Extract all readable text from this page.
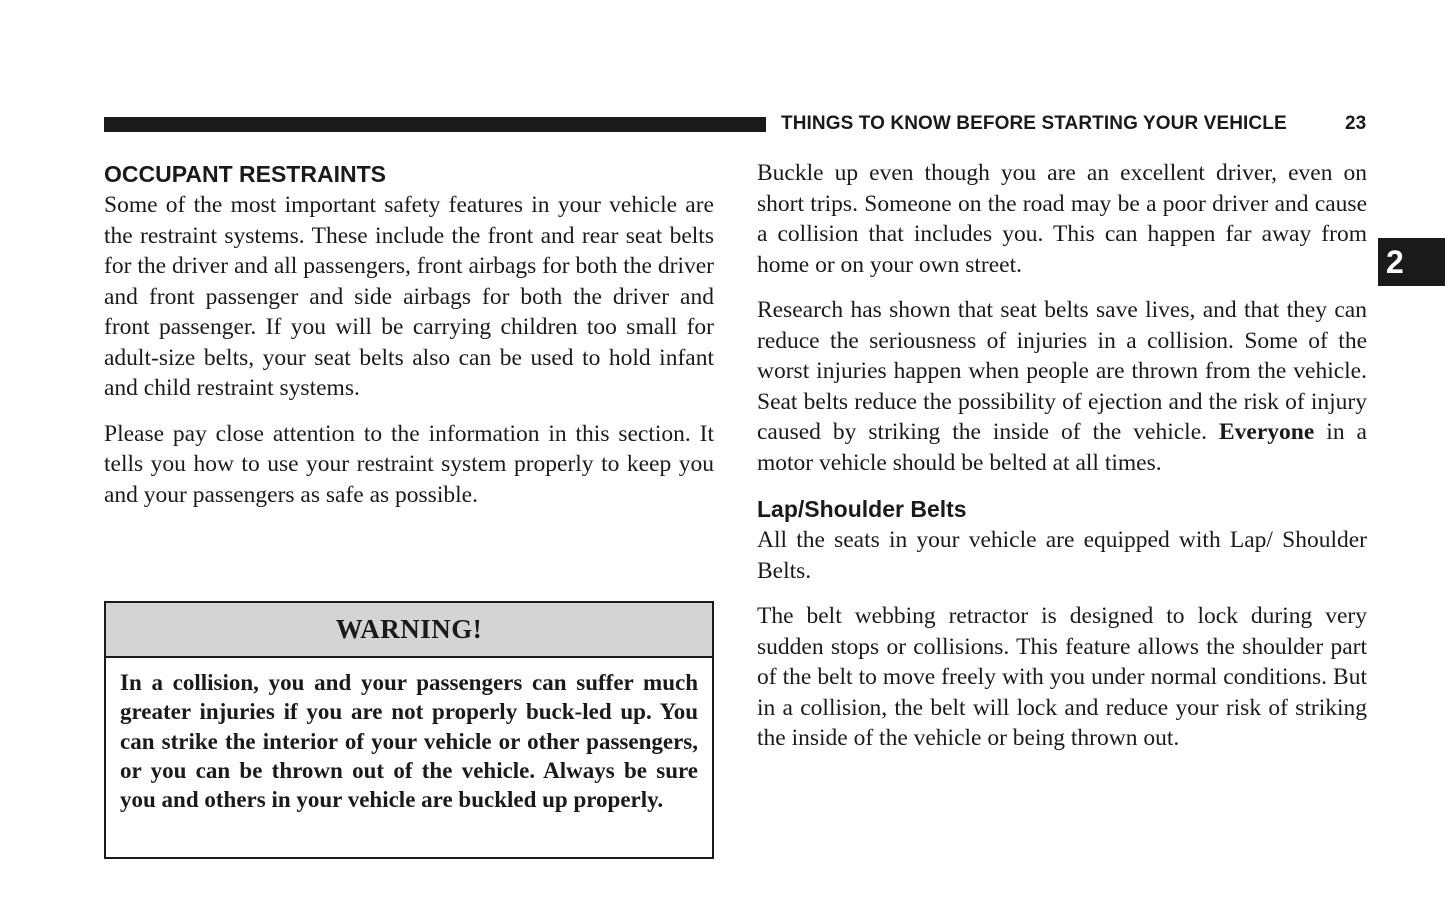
THINGS TO KNOW BEFORE STARTING YOUR VEHICLE	23
2
OCCUPANT RESTRAINTS

Some of the most important safety features in your vehicle are the restraint systems. These include the front and rear seat belts for the driver and all passengers, front airbags for both the driver and front passenger and side airbags for both the driver and front passenger. If you will be carrying children too small for adult-size belts, your seat belts also can be used to hold infant and child restraint systems.

Please pay close attention to the information in this section. It tells you how to use your restraint system properly to keep you and your passengers as safe as possible.

WARNING!
In a collision, you and your passengers can suffer much greater injuries if you are not properly buck-led up. You can strike the interior of your vehicle or other passengers, or you can be thrown out of the vehicle. Always be sure you and others in your vehicle are buckled up properly.

Buckle up even though you are an excellent driver, even on short trips. Someone on the road may be a poor driver and cause a collision that includes you. This can happen far away from home or on your own street.

Research has shown that seat belts save lives, and that they can reduce the seriousness of injuries in a collision. Some of the worst injuries happen when people are thrown from the vehicle. Seat belts reduce the possibility of ejection and the risk of injury caused by striking the inside of the vehicle. Everyone in a motor vehicle should be belted at all times.

Lap/Shoulder Belts

All the seats in your vehicle are equipped with Lap/ Shoulder Belts.

The belt webbing retractor is designed to lock during very sudden stops or collisions. This feature allows the shoulder part of the belt to move freely with you under normal conditions. But in a collision, the belt will lock and reduce your risk of striking the inside of the vehicle or being thrown out.
